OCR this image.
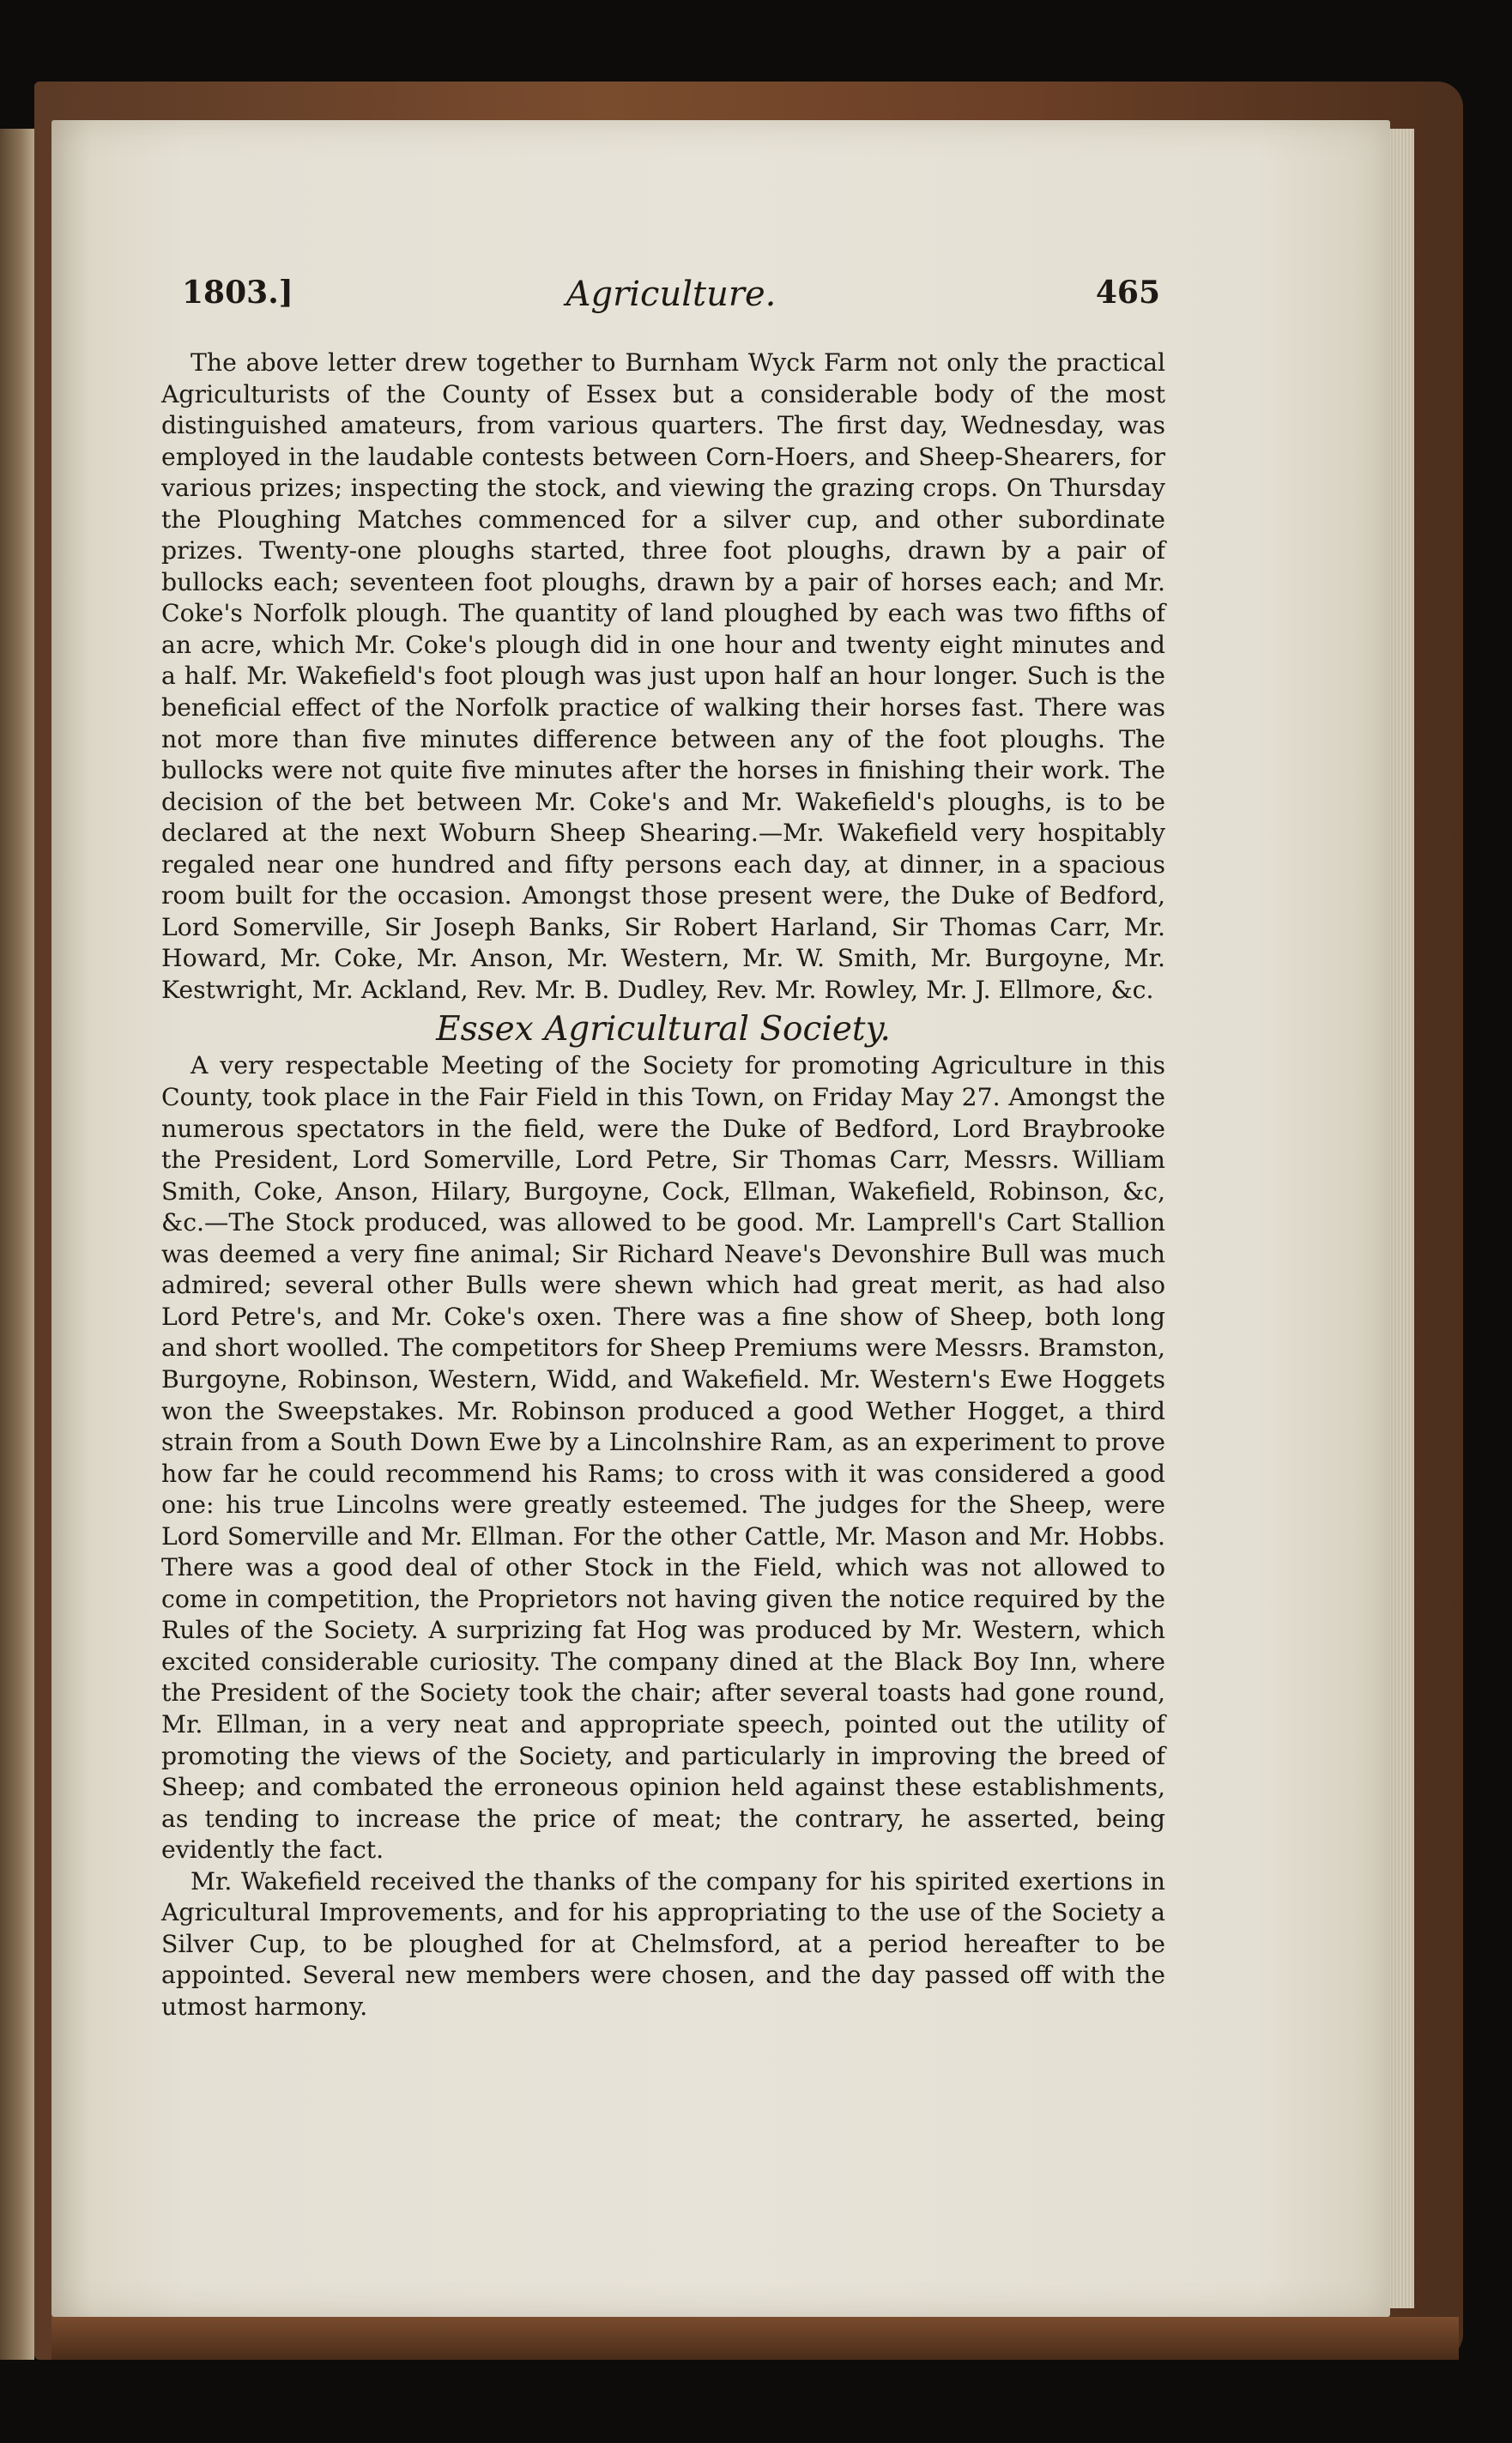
1803.]	Agriculture.	465

The above letter drew together to Burnham Wyck Farm not only the practical Agriculturists of the County of Essex but a considerable body of the most distinguished amateurs, from various quarters. The first day, Wednesday, was employed in the laudable contests between Corn-Hoers, and Sheep-Shearers, for various prizes; inspecting the stock, and viewing the grazing crops. On Thursday the Ploughing Matches commenced for a silver cup, and other subordinate prizes. Twenty-one ploughs started, three foot ploughs, drawn by a pair of bullocks each; seventeen foot ploughs, drawn by a pair of horses each; and Mr. Coke's Norfolk plough. The quantity of land ploughed by each was two fifths of an acre, which Mr. Coke's plough did in one hour and twenty eight minutes and a half. Mr. Wakefield's foot plough was just upon half an hour longer. Such is the beneficial effect of the Norfolk practice of walking their horses fast. There was not more than five minutes difference between any of the foot ploughs. The bullocks were not quite five minutes after the horses in finishing their work. The decision of the bet between Mr. Coke's and Mr. Wakefield's ploughs, is to be declared at the next Woburn Sheep Shearing.—Mr. Wakefield very hospitably regaled near one hundred and fifty persons each day, at dinner, in a spacious room built for the occasion. Amongst those present were, the Duke of Bedford, Lord Somerville, Sir Joseph Banks, Sir Robert Harland, Sir Thomas Carr, Mr. Howard, Mr. Coke, Mr. Anson, Mr. Western, Mr. W. Smith, Mr. Burgoyne, Mr. Kestwright, Mr. Ackland, Rev. Mr. B. Dudley, Rev. Mr. Rowley, Mr. J. Ellmore, &c.

Essex Agricultural Society.

A very respectable Meeting of the Society for promoting Agriculture in this County, took place in the Fair Field in this Town, on Friday May 27. Amongst the numerous spectators in the field, were the Duke of Bedford, Lord Braybrooke the President, Lord Somerville, Lord Petre, Sir Thomas Carr, Messrs. William Smith, Coke, Anson, Hilary, Burgoyne, Cock, Ellman, Wakefield, Robinson, &c, &c.—The Stock produced, was allowed to be good. Mr. Lamprell's Cart Stallion was deemed a very fine animal; Sir Richard Neave's Devonshire Bull was much admired; several other Bulls were shewn which had great merit, as had also Lord Petre's, and Mr. Coke's oxen. There was a fine show of Sheep, both long and short woolled. The competitors for Sheep Premiums were Messrs. Bramston, Burgoyne, Robinson, Western, Widd, and Wakefield. Mr. Western's Ewe Hoggets won the Sweepstakes. Mr. Robinson produced a good Wether Hogget, a third strain from a South Down Ewe by a Lincolnshire Ram, as an experiment to prove how far he could recommend his Rams; to cross with it was considered a good one: his true Lincolns were greatly esteemed. The judges for the Sheep, were Lord Somerville and Mr. Ellman. For the other Cattle, Mr. Mason and Mr. Hobbs. There was a good deal of other Stock in the Field, which was not allowed to come in competition, the Proprietors not having given the notice required by the Rules of the Society. A surprizing fat Hog was produced by Mr. Western, which excited considerable curiosity. The company dined at the Black Boy Inn, where the President of the Society took the chair; after several toasts had gone round, Mr. Ellman, in a very neat and appropriate speech, pointed out the utility of promoting the views of the Society, and particularly in improving the breed of Sheep; and combated the erroneous opinion held against these establishments, as tending to increase the price of meat; the contrary, he asserted, being evidently the fact.

Mr. Wakefield received the thanks of the company for his spirited exertions in Agricultural Improvements, and for his appropriating to the use of the Society a Silver Cup, to be ploughed for at Chelmsford, at a period hereafter to be appointed. Several new members were chosen, and the day passed off with the utmost harmony.
